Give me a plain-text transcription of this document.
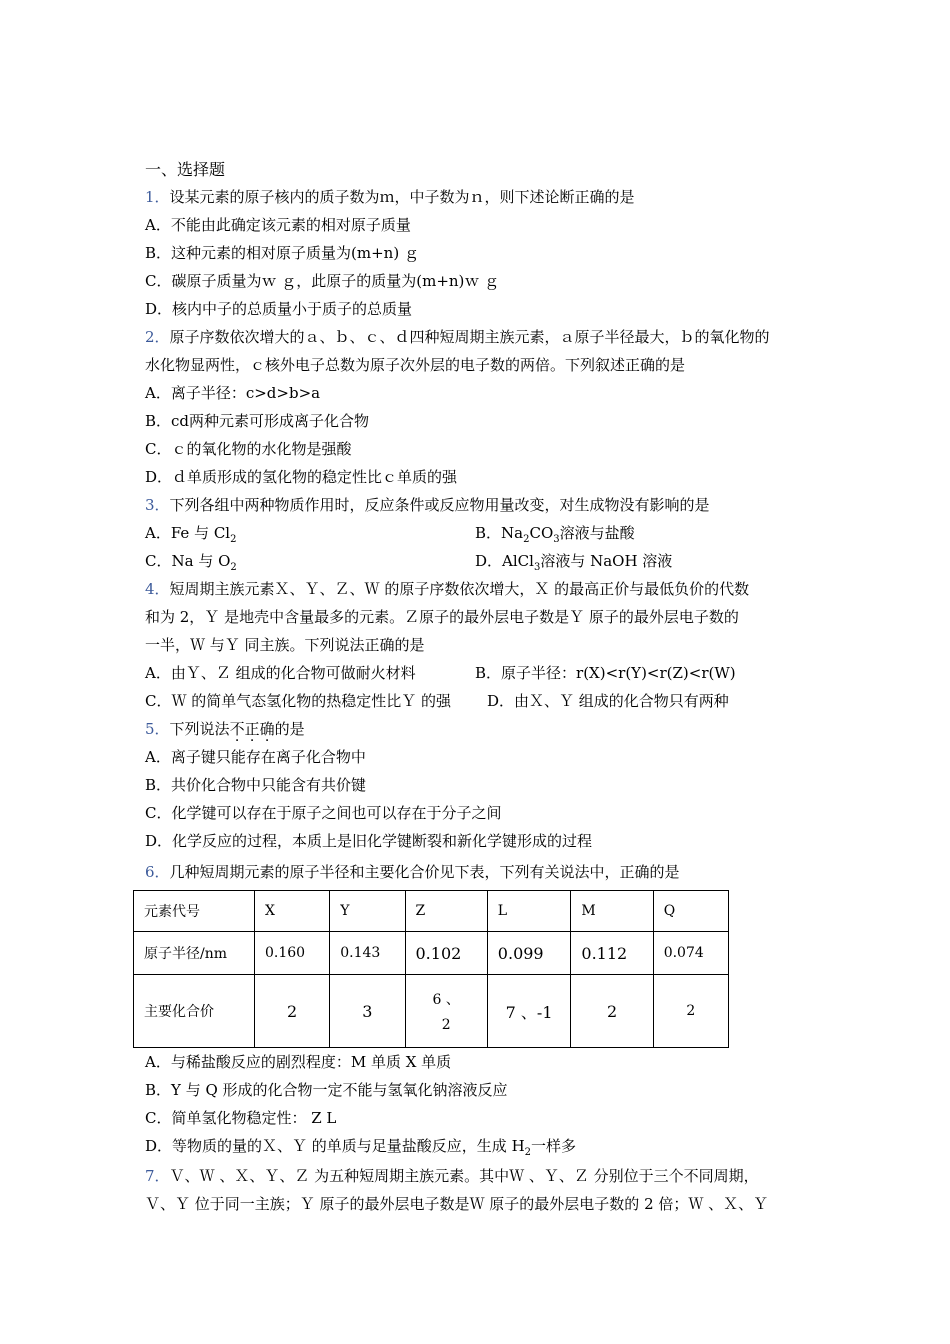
一、选择题
1．设某元素的原子核内的质子数为ｍ，中子数为ｎ，则下述论断正确的是
A．不能由此确定该元素的相对原子质量
B．这种元素的相对原子质量为(m+n) ｇ
C．碳原子质量为ｗ ｇ，此原子的质量为(m+n)ｗ ｇ
D．核内中子的总质量小于质子的总质量
2．原子序数依次增大的ａ、ｂ、ｃ、ｄ四种短周期主族元素，ａ原子半径最大，ｂ的氧化物的
水化物显两性，ｃ核外电子总数为原子次外层的电子数的两倍。下列叙述正确的是
A．离子半径：c>d>b>a
B．cd两种元素可形成离子化合物
C．ｃ的氧化物的水化物是强酸
D．ｄ单质形成的氢化物的稳定性比ｃ单质的强
3．下列各组中两种物质作用时，反应条件或反应物用量改变，对生成物没有影响的是
A．Fe 与 $Cl_2$	B．$Na_2CO_3$溶液与盐酸
C．Na 与 $O_2$	D．AlCl$_3$溶液与 NaOH 溶液
4．短周期主族元素Ｘ、Ｙ、Ｚ、Ｗ 的原子序数依次增大，Ｘ 的最高正价与最低负价的代数
和为 2，Ｙ 是地壳中含量最多的元素。Ｚ原子的最外层电子数是Ｙ 原子的最外层电子数的
一半，Ｗ 与Ｙ 同主族。下列说法正确的是
A．由Ｙ、Ｚ 组成的化合物可做耐火材料	B．原子半径：r(X)<r(Y)<r(Z)<r(W)
C．Ｗ 的简单气态氢化物的热稳定性比Ｙ 的强 D．由Ｘ、Ｙ 组成的化合物只有两种
5．下列说法不正确的是
A．离子键只能存在离子化合物中
B．共价化合物中只能含有共价键
C．化学键可以存在于原子之间也可以存在于分子之间
D．化学反应的过程，本质上是旧化学键断裂和新化学键形成的过程
6．几种短周期元素的原子半径和主要化合价见下表，下列有关说法中，正确的是
元素代号	X	Y	Z	L	M	Q
原子半径/nm	0.160	0.143	0.102	0.099	0.112	0.074
主要化合价	2	3	6 、
2	7 、-1	2	2
A．与稀盐酸反应的剧烈程度：M 单质 X 单质
B．Y 与 Q 形成的化合物一定不能与氢氧化钠溶液反应
C．简单氢化物稳定性： Z L
D．等物质的量的Ｘ、Ｙ 的单质与足量盐酸反应，生成 $H_2$一样多
7．Ｖ、Ｗ 、Ｘ、Ｙ、Ｚ 为五种短周期主族元素。其中Ｗ 、Ｙ、Ｚ 分别位于三个不同周期，
Ｖ、Ｙ 位于同一主族；Ｙ 原子的最外层电子数是Ｗ 原子的最外层电子数的 2 倍；Ｗ 、Ｘ、Ｙ
